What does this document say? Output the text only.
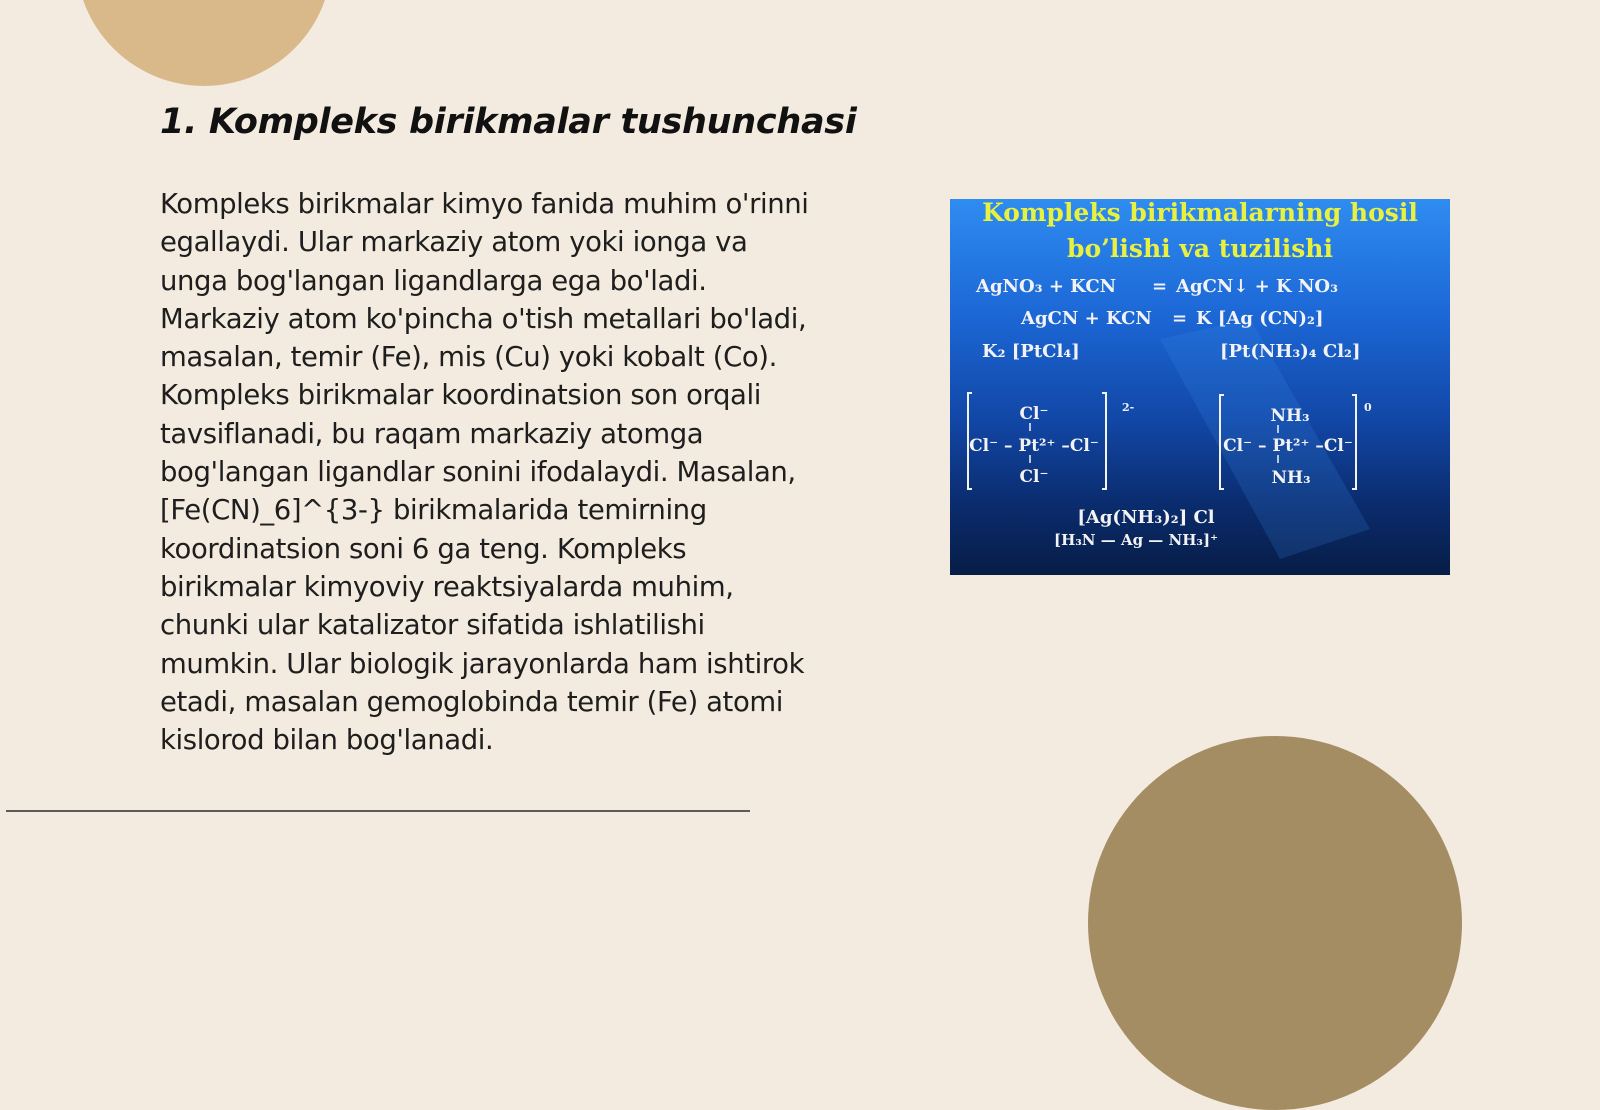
1. Kompleks birikmalar tushunchasi

Kompleks birikmalar kimyo fanida muhim o'rinni egallaydi. Ular markaziy atom yoki ionga va unga bog'langan ligandlarga ega bo'ladi. Markaziy atom ko'pincha o'tish metallari bo'ladi, masalan, temir (Fe), mis (Cu) yoki kobalt (Co). Kompleks birikmalar koordinatsion son orqali tavsiflanadi, bu raqam markaziy atomga bog'langan ligandlar sonini ifodalaydi. Masalan, [Fe(CN)_6]^{3-} birikmalarida temirning koordinatsion soni 6 ga teng. Kompleks birikmalar kimyoviy reaktsiyalarda muhim, chunki ular katalizator sifatida ishlatilishi mumkin. Ular biologik jarayonlarda ham ishtirok etadi, masalan gemoglobinda temir (Fe) atomi kislorod bilan bog'lanadi.

Kompleks birikmalarning hosil
bo’lishi va tuzilishi
AgNO₃ + KCN = AgCN↓ + K NO₃
AgCN + KCN = K [Ag (CN)₂]
K₂ [PtCl₄]	[Pt(NH₃)₄ Cl₂]
Cl⁻
Cl⁻ – Pt²⁺ –Cl⁻
Cl⁻
2-	NH₃
Cl⁻ – Pt²⁺ –Cl⁻
NH₃
0
[Ag(NH₃)₂] Cl
[H₃N — Ag — NH₃]⁺
